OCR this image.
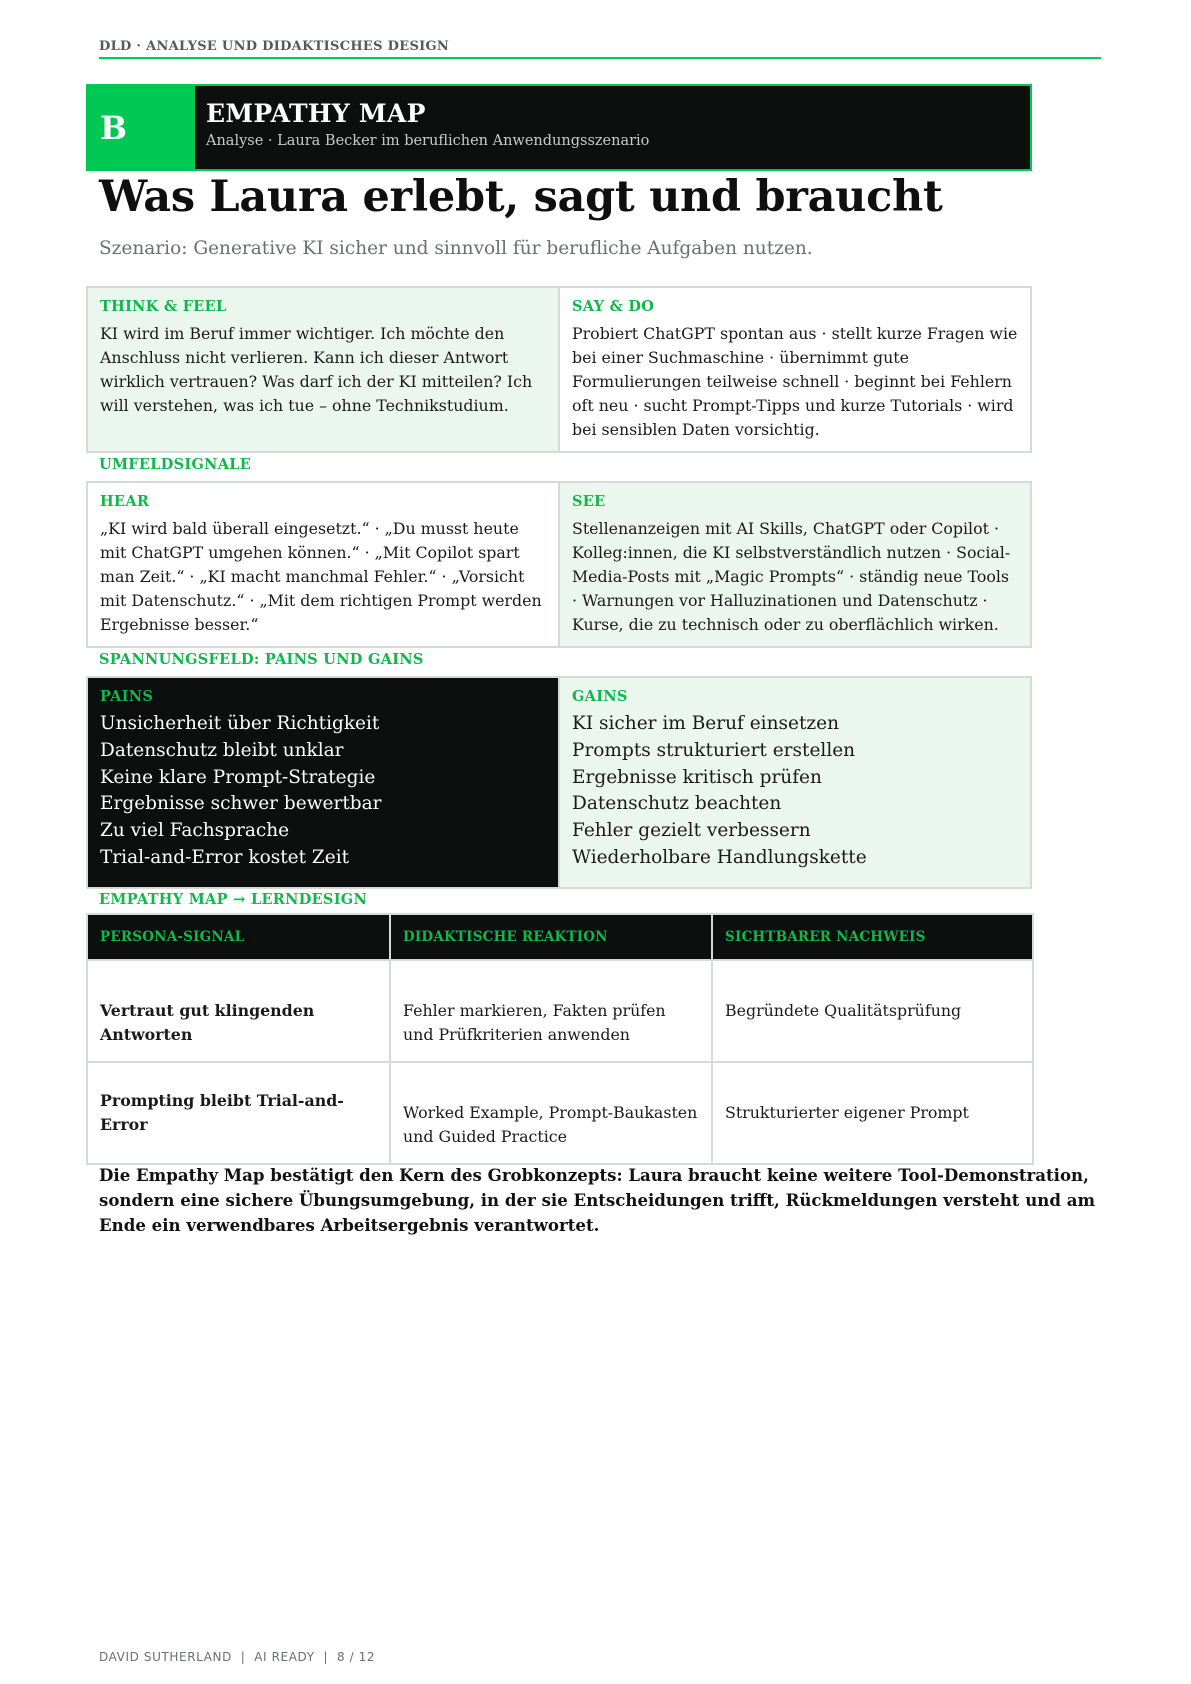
DLD · ANALYSE UND DIDAKTISCHES DESIGN
B	EMPATHY MAP
Analyse · Laura Becker im beruflichen Anwendungsszenario
Was Laura erlebt, sagt und braucht
Szenario: Generative KI sicher und sinnvoll für berufliche Aufgaben nutzen.
THINK & FEEL
KI wird im Beruf immer wichtiger. Ich möchte den Anschluss nicht verlieren. Kann ich dieser Antwort wirklich vertrauen? Was darf ich der KI mitteilen? Ich will verstehen, was ich tue – ohne Technikstudium.
SAY & DO
Probiert ChatGPT spontan aus · stellt kurze Fragen wie bei einer Suchmaschine · übernimmt gute Formulierungen teilweise schnell · beginnt bei Fehlern oft neu · sucht Prompt-Tipps und kurze Tutorials · wird bei sensiblen Daten vorsichtig.
UMFELDSIGNALE
HEAR
„KI wird bald überall eingesetzt.“ · „Du musst heute mit ChatGPT umgehen können.“ · „Mit Copilot spart man Zeit.“ · „KI macht manchmal Fehler.“ · „Vorsicht mit Datenschutz.“ · „Mit dem richtigen Prompt werden Ergebnisse besser.“
SEE
Stellenanzeigen mit AI Skills, ChatGPT oder Copilot · Kolleg:innen, die KI selbstverständlich nutzen · Social-Media-Posts mit „Magic Prompts“ · ständig neue Tools · Warnungen vor Halluzinationen und Datenschutz · Kurse, die zu technisch oder zu oberflächlich wirken.
SPANNUNGSFELD: PAINS UND GAINS
PAINS
Unsicherheit über Richtigkeit
Datenschutz bleibt unklar
Keine klare Prompt-Strategie
Ergebnisse schwer bewertbar
Zu viel Fachsprache
Trial-and-Error kostet Zeit
GAINS
KI sicher im Beruf einsetzen
Prompts strukturiert erstellen
Ergebnisse kritisch prüfen
Datenschutz beachten
Fehler gezielt verbessern
Wiederholbare Handlungskette
EMPATHY MAP → LERNDESIGN
PERSONA-SIGNAL	DIDAKTISCHE REAKTION	SICHTBARER NACHWEIS

Vertraut gut klingenden Antworten	Fehler markieren, Fakten prüfen und Prüfkriterien anwenden	Begründete Qualitätsprüfung

Prompting bleibt Trial-and-Error	Worked Example, Prompt-Baukasten und Guided Practice	Strukturierter eigener Prompt

Die Empathy Map bestätigt den Kern des Grobkonzepts: Laura braucht keine weitere Tool-Demonstration, sondern eine sichere Übungsumgebung, in der sie Entscheidungen trifft, Rückmeldungen versteht und am Ende ein verwendbares Arbeitsergebnis verantwortet.

DAVID SUTHERLAND  |  AI READY  |  8 / 12
